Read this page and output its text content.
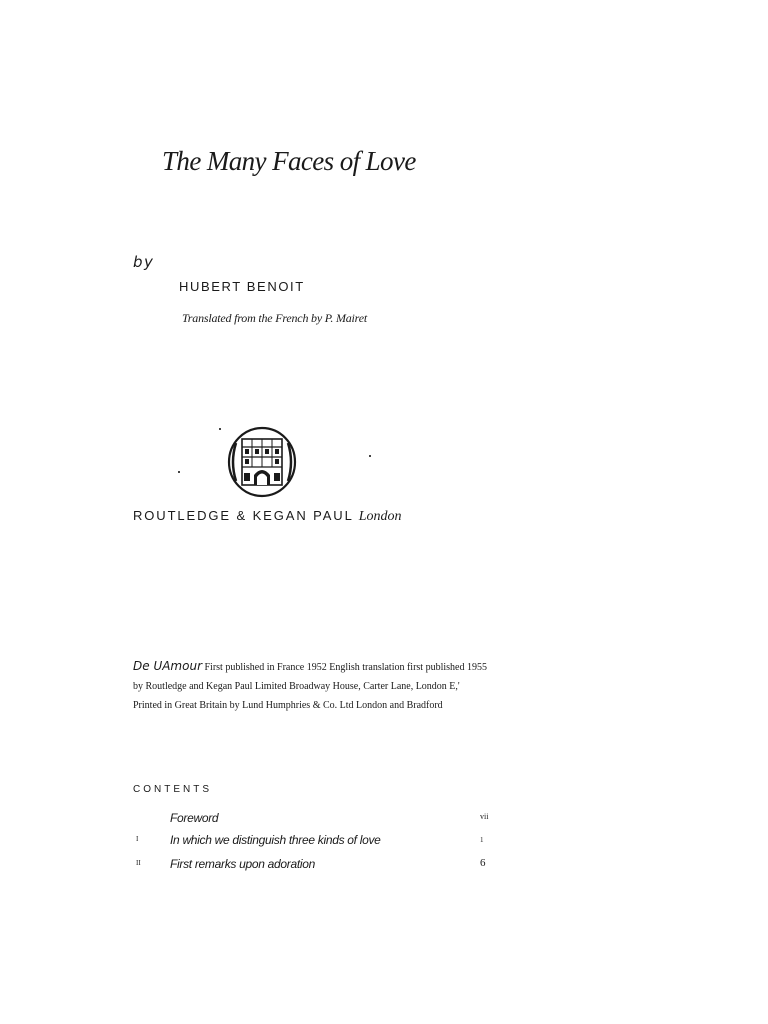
The Many Faces of Love
by
HUBERT BENOIT
Translated from the French by P. Mairet
ROUTLEDGE & KEGAN PAUL London
De UAmour First published in France 1952 English translation first published 1955
by Routledge and Kegan Paul Limited Broadway House, Carter Lane, London E,'
Printed in Great Britain by Lund Humphries & Co. Ltd London and Bradford
CONTENTS
Foreword	vii
I	In which we distinguish three kinds of love	1
II First remarks upon adoration	6
